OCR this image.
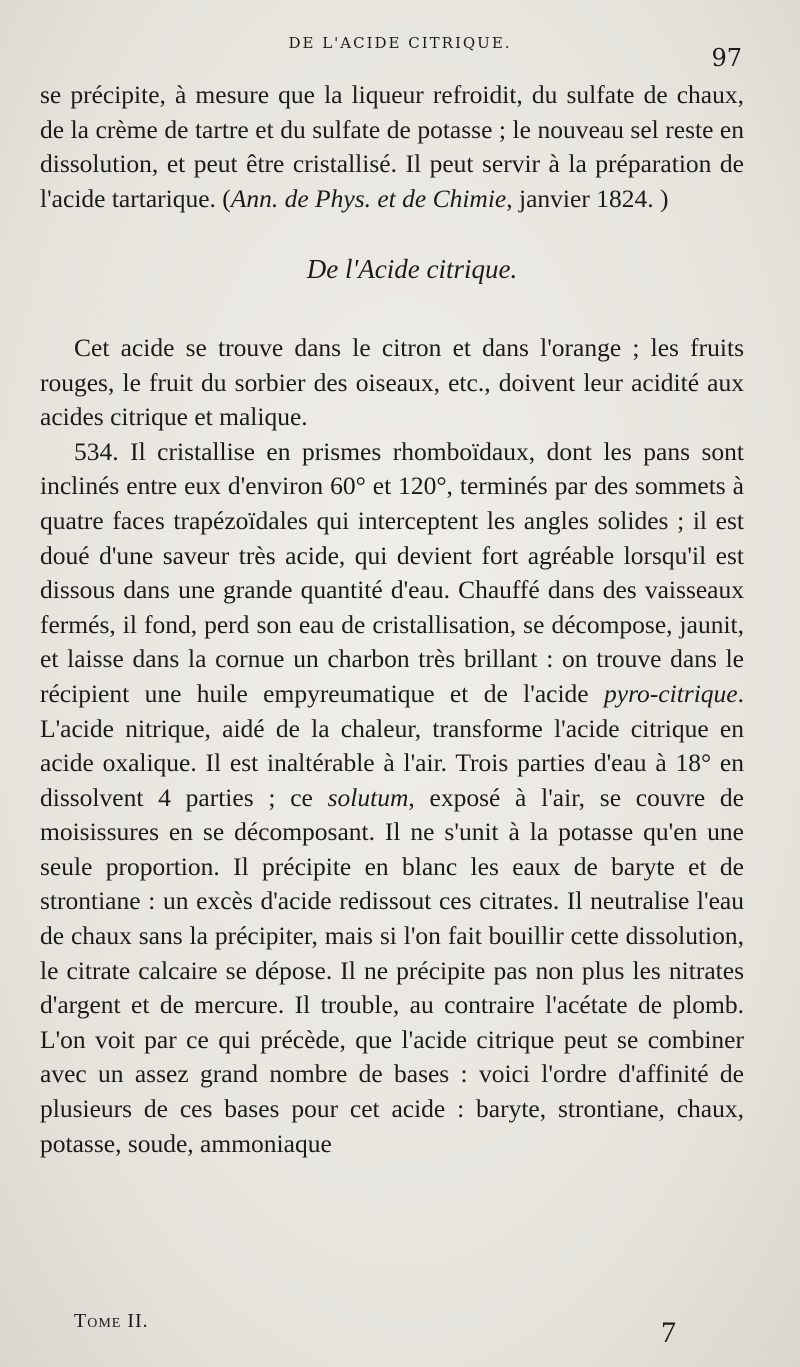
DE L'ACIDE CITRIQUE.
97

se précipite, à mesure que la liqueur refroidit, du sulfate de chaux, de la crème de tartre et du sulfate de potasse ; le nouveau sel reste en dissolution, et peut être cristallisé. Il peut servir à la préparation de l'acide tartarique. (Ann. de Phys. et de Chimie, janvier 1824. )

De l'Acide citrique.

Cet acide se trouve dans le citron et dans l'orange ; les fruits rouges, le fruit du sorbier des oiseaux, etc., doivent leur acidité aux acides citrique et malique.

534. Il cristallise en prismes rhomboïdaux, dont les pans sont inclinés entre eux d'environ 60° et 120°, terminés par des sommets à quatre faces trapézoïdales qui interceptent les angles solides ; il est doué d'une saveur très acide, qui devient fort agréable lorsqu'il est dissous dans une grande quantité d'eau. Chauffé dans des vaisseaux fermés, il fond, perd son eau de cristallisation, se décompose, jaunit, et laisse dans la cornue un charbon très brillant : on trouve dans le récipient une huile empyreumatique et de l'acide pyro-citrique. L'acide nitrique, aidé de la chaleur, transforme l'acide citrique en acide oxalique. Il est inaltérable à l'air. Trois parties d'eau à 18° en dissolvent 4 parties ; ce solutum, exposé à l'air, se couvre de moisissures en se décomposant. Il ne s'unit à la potasse qu'en une seule proportion. Il précipite en blanc les eaux de baryte et de strontiane : un excès d'acide redissout ces citrates. Il neutralise l'eau de chaux sans la précipiter, mais si l'on fait bouillir cette dissolution, le citrate calcaire se dépose. Il ne précipite pas non plus les nitrates d'argent et de mercure. Il trouble, au contraire l'acétate de plomb. L'on voit par ce qui précède, que l'acide citrique peut se combiner avec un assez grand nombre de bases : voici l'ordre d'affinité de plusieurs de ces bases pour cet acide : baryte, strontiane, chaux, potasse, soude, ammoniaque

Tome II.	7
